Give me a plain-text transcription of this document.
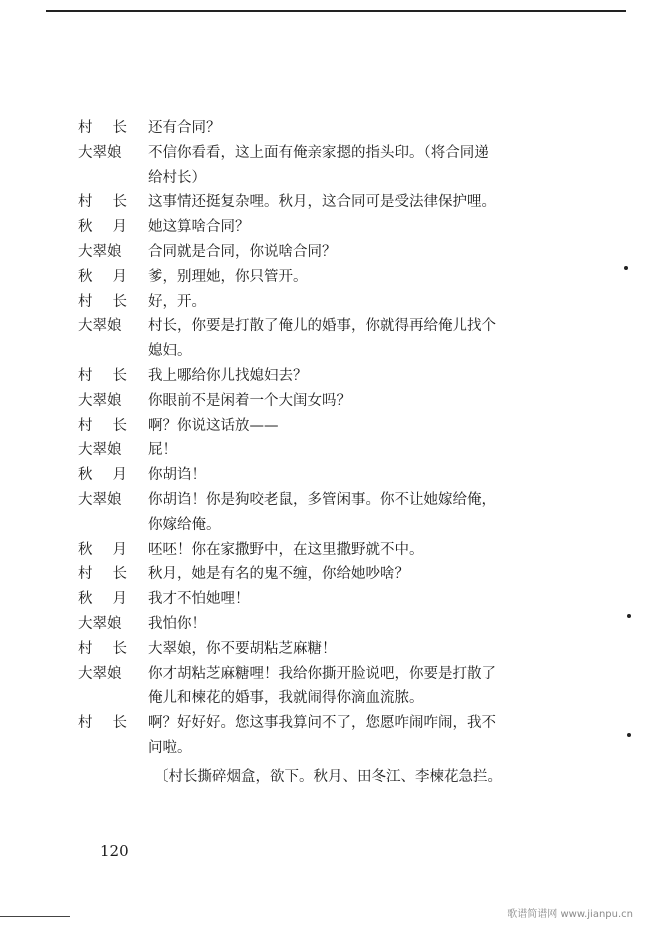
村长 还有合同？
大翠娘	不信你看看，这上面有俺亲家摁的指头印。（将合同递
给村长）
村长 这事情还挺复杂哩。秋月，这合同可是受法律保护哩。
秋月 她这算啥合同？
大翠娘	合同就是合同，你说啥合同？
秋月 爹，别理她，你只管开。
村长 好，开。
大翠娘	村长，你要是打散了俺儿的婚事，你就得再给俺儿找个
媳妇。
村长 我上哪给你儿找媳妇去？
大翠娘	你眼前不是闲着一个大闺女吗？
村长 啊？你说这话放——
大翠娘	屁！
秋月 你胡诌！
大翠娘	你胡诌！你是狗咬老鼠，多管闲事。你不让她嫁给俺，
你嫁给俺。
秋月 呸呸！你在家撒野中，在这里撒野就不中。
村长 秋月，她是有名的鬼不缠，你给她吵啥？
秋月 我才不怕她哩！
大翠娘	我怕你！
村长 大翠娘，你不要胡粘芝麻糖！
大翠娘	你才胡粘芝麻糖哩！我给你撕开脸说吧，你要是打散了
俺儿和楝花的婚事，我就闹得你滴血流脓。
村长 啊？好好好。您这事我算问不了，您愿咋闹咋闹，我不
问啦。
〔村长撕碎烟盒，欲下。秋月、田冬江、李楝花急拦。
120
歌谱简谱网 www.jianpu.cn
